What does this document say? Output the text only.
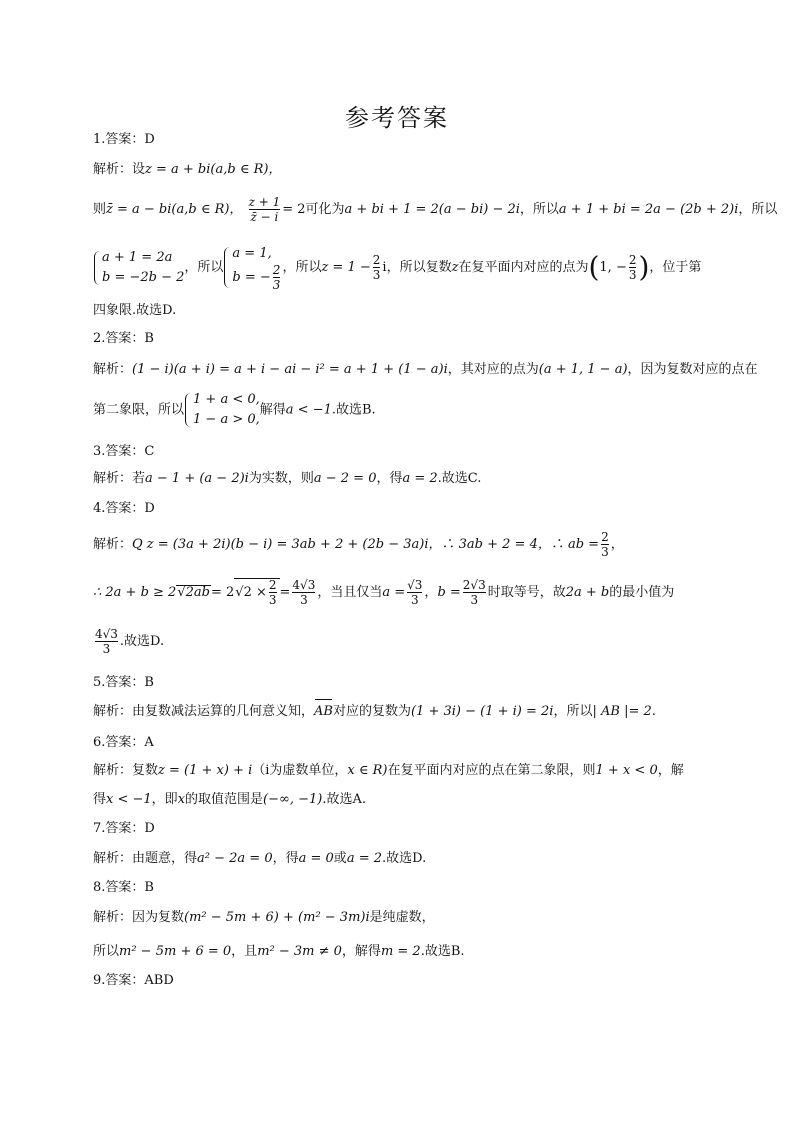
参考答案
1.答案：D
解析：设z = a + bi(a,b ∈ R)，
则z̄ = a − bi(a,b ∈ R)， $\frac{z + 1}{z̄ - i} = 2$可化为a + bi + 1 = 2(a − bi) − 2i，所以a + 1 + bi = 2a − (2b + 2)i，所以
a + 1 = 2a
b = −2b − 2
，所以
a = 1,
b = − $\frac{2}{3}$ ，所以$z = 1 - \frac{2}{3}$ i，所以复数z在复平面内对应的点为(1, − $\frac{2}{3}$ )，位于第
四象限.故选D.
2.答案：B
解析：(1 − i)(a + i) = a + i − ai − i² = a + 1 + (1 − a)i，其对应的点为(a + 1, 1 − a)，因为复数对应的点在
第二象限，所以
1 + a < 0,
1 − a > 0,
解得a < −1.故选B.
3.答案：C
解析：若a − 1 + (a − 2)i为实数，则a − 2 = 0，得a = 2.故选C.
4.答案：D
解析：Q z = (3a + 2i)(b − i) = 3ab + 2 + (2b − 3a)i，∴ 3ab + 2 = 4，∴ ab = $\frac{2}{3}$ ，
∴ $2a + b \ge 2√2ab= 2√2 \times \frac{2}{3} = \frac{4√3}{3}$ ，当且仅当$a = \frac{√3}{3}$ ，$b = \frac{2√3}{3}$ 时取等号，故2a + b的最小值为
$\frac{4√3}{3}$ .故选D.
5.答案：B
解析：由复数减法运算的几何意义知，AB对应的复数为(1 + 3i) − (1 + i) = 2i，所以| AB |= 2.
6.答案：A
解析：复数z = (1 + x) + i（i为虚数单位，x ∈ R)在复平面内对应的点在第二象限，则1 + x < 0，解
得x < −1，即x的取值范围是(−∞, −1).故选A.
7.答案：D
解析：由题意，得a² − 2a = 0，得a = 0或a = 2.故选D.
8.答案：B
解析：因为复数(m² − 5m + 6) + (m² − 3m)i是纯虚数，
所以m² − 5m + 6 = 0，且m² − 3m ≠ 0，解得m = 2.故选B.
9.答案：ABD
